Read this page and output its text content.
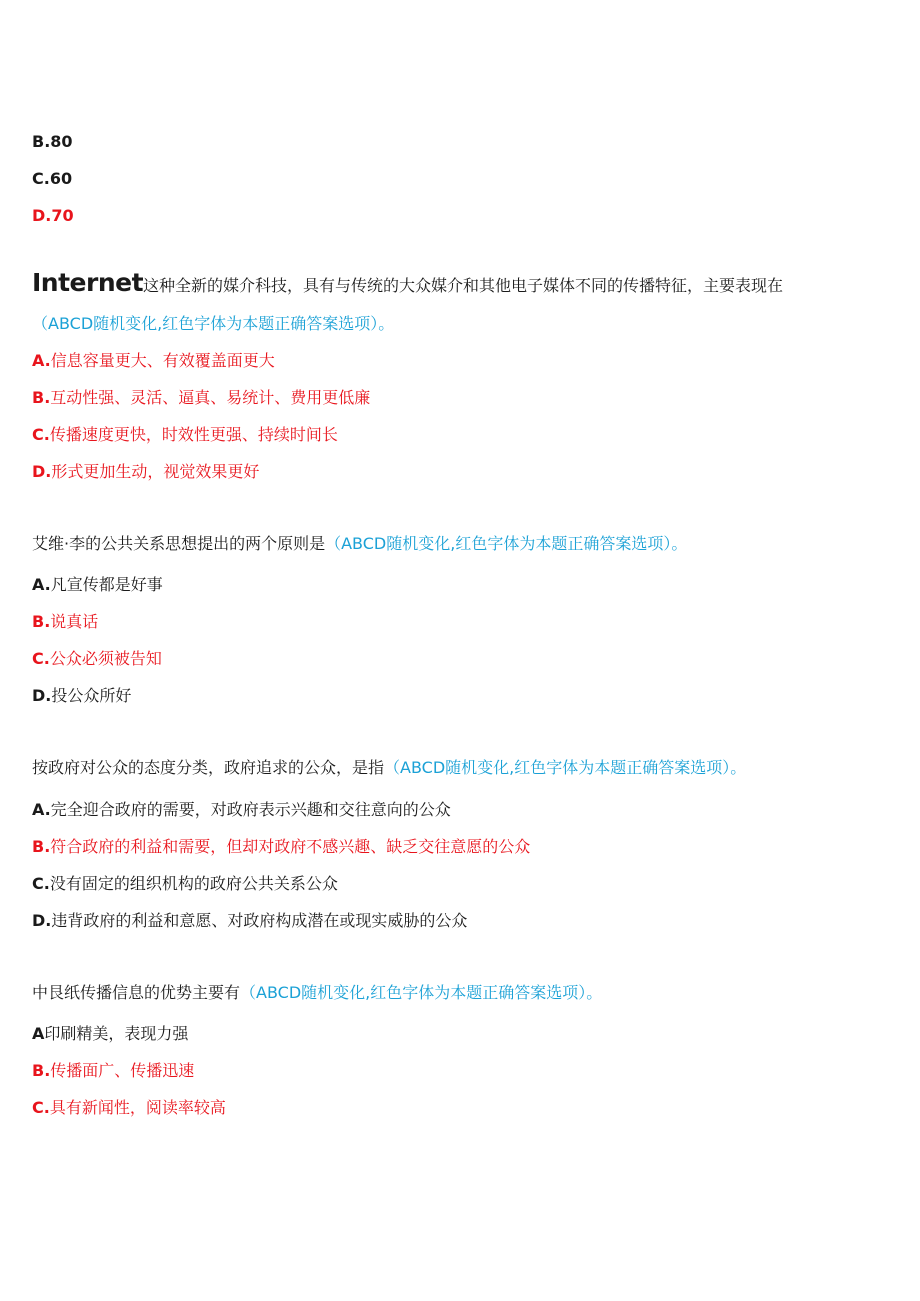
B.80
C.60
D.70
Internet这种全新的媒介科技，具有与传统的大众媒介和其他电子媒体不同的传播特征，主要表现在
（ABCD随机变化,红色字体为本题正确答案选项）。
A.信息容量更大、有效覆盖面更大
B.互动性强、灵活、逼真、易统计、费用更低廉
C.传播速度更快，时效性更强、持续时间长
D.形式更加生动，视觉效果更好
艾维·李的公共关系思想提出的两个原则是（ABCD随机变化,红色字体为本题正确答案选项）。
A.凡宣传都是好事
B.说真话
C.公众必须被告知
D.投公众所好
按政府对公众的态度分类，政府追求的公众，是指（ABCD随机变化,红色字体为本题正确答案选项）。
A.完全迎合政府的需要，对政府表示兴趣和交往意向的公众
B.符合政府的利益和需要，但却对政府不感兴趣、缺乏交往意愿的公众
C.没有固定的组织机构的政府公共关系公众
D.违背政府的利益和意愿、对政府构成潜在或现实威胁的公众
中艮纸传播信息的优势主要有（ABCD随机变化,红色字体为本题正确答案选项）。
A印刷精美，表现力强
B.传播面广、传播迅速
C.具有新闻性，阅读率较高
